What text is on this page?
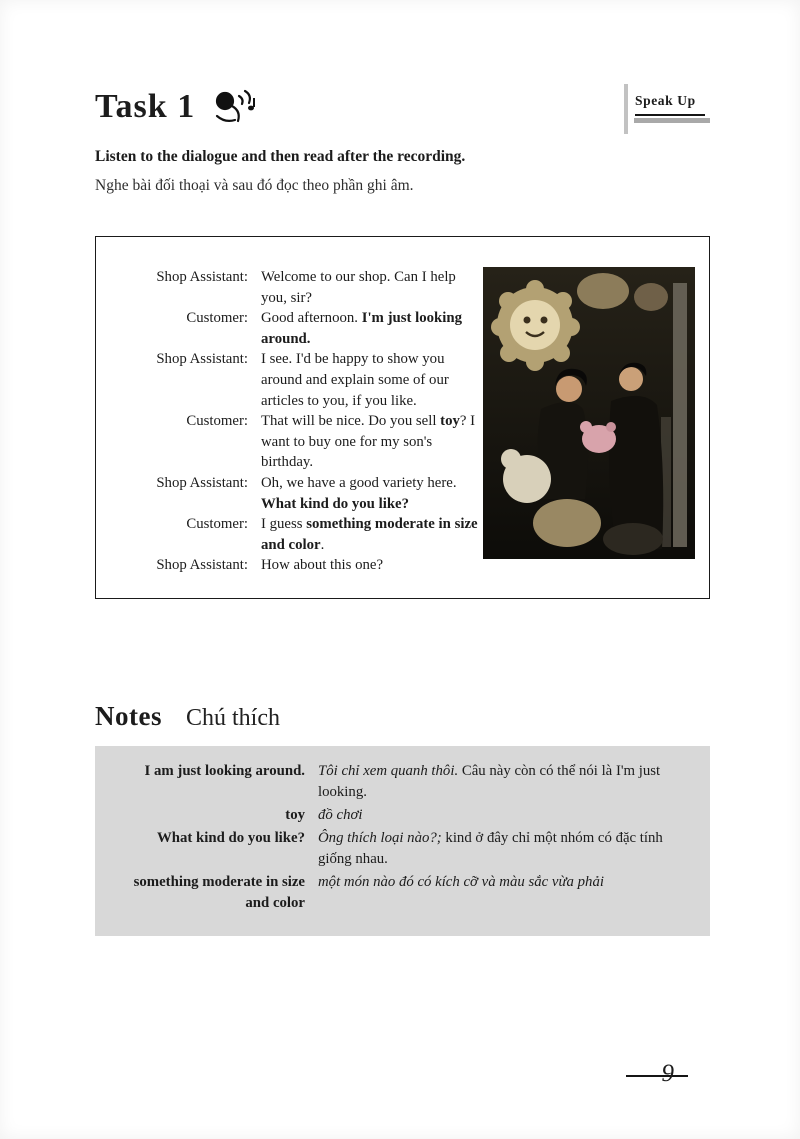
Task 1	Speak Up

Listen to the dialogue and then read after the recording.

Nghe bài đối thoại và sau đó đọc theo phần ghi âm.

Shop Assistant: Welcome to our shop. Can I help you, sir?
Customer: Good afternoon. I'm just looking around.
Shop Assistant: I see. I'd be happy to show you around and explain some of our articles to you, if you like.
Customer: That will be nice. Do you sell toy? I want to buy one for my son's birthday.
Shop Assistant: Oh, we have a good variety here. What kind do you like?
Customer: I guess something moderate in size and color.
Shop Assistant: How about this one?
Notes Chú thích
I am just looking around. Tôi chỉ xem quanh thôi. Câu này còn có thể nói là I'm just looking.
toy đồ chơi
What kind do you like? Ông thích loại nào?; kind ở đây chỉ một nhóm có đặc tính giống nhau.
something moderate in size and color
một món nào đó có kích cỡ và màu sắc vừa phải
9
